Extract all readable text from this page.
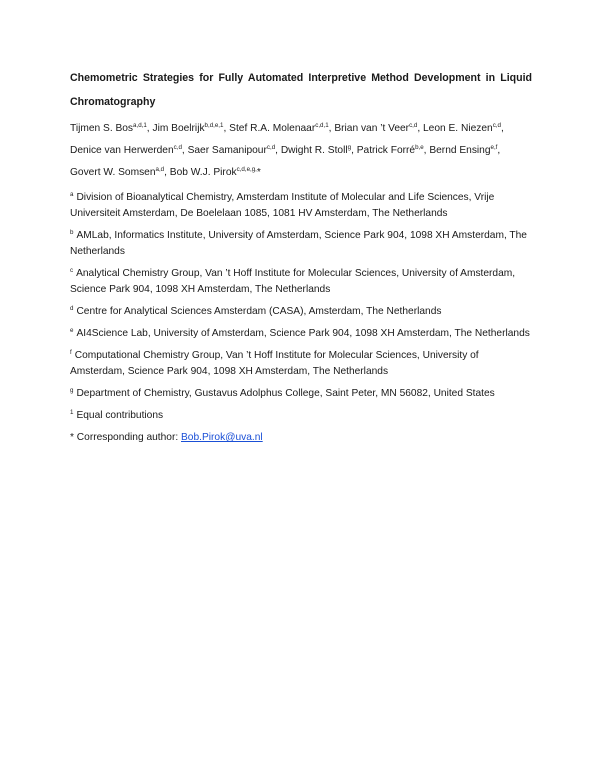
Chemometric Strategies for Fully Automated Interpretive Method Development in Liquid Chromatography

Tijmen S. Bos$^{a,d,1}$, Jim Boelrijk$^{b,d,e,1}$, Stef R.A. Molenaar$^{c,d,1}$, Brian van ’t Veer$^{c,d}$, Leon E. Niezen$^{c,d}$, Denice van Herwerden$^{c,d}$, Saer Samanipour$^{c,d}$, Dwight R. Stoll$^g$, Patrick Forré$^{b,e}$, Bernd Ensing$^{e,f}$, Govert W. Somsen$^{a,d}$, Bob W.J. Pirok$^{c,d,e,g,}$*

$^a$ Division of Bioanalytical Chemistry, Amsterdam Institute of Molecular and Life Sciences, Vrije Universiteit Amsterdam, De Boelelaan 1085, 1081 HV Amsterdam, The Netherlands

$^b$ AMLab, Informatics Institute, University of Amsterdam, Science Park 904, 1098 XH Amsterdam, The Netherlands

$^c$ Analytical Chemistry Group, Van ’t Hoff Institute for Molecular Sciences, University of Amsterdam, Science Park 904, 1098 XH Amsterdam, The Netherlands

$^d$ Centre for Analytical Sciences Amsterdam (CASA), Amsterdam, The Netherlands

$^e$ AI4Science Lab, University of Amsterdam, Science Park 904, 1098 XH Amsterdam, The Netherlands

$^f$ Computational Chemistry Group, Van ’t Hoff Institute for Molecular Sciences, University of Amsterdam, Science Park 904, 1098 XH Amsterdam, The Netherlands

$^g$ Department of Chemistry, Gustavus Adolphus College, Saint Peter, MN 56082, United States

$^1$ Equal contributions

* Corresponding author: Bob.Pirok@uva.nl
